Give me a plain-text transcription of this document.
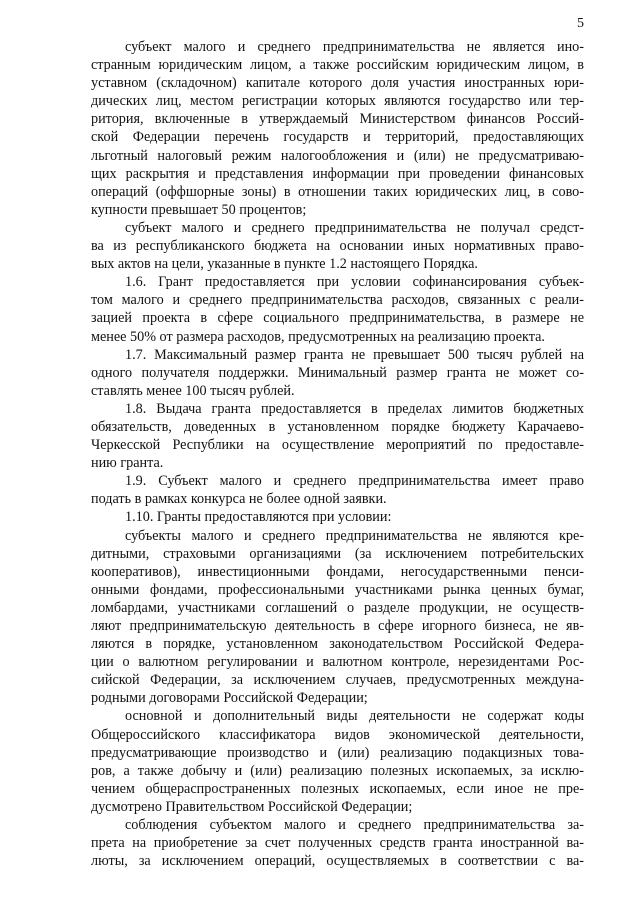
5
субъект малого и среднего предпринимательства не является ино-
странным юридическим лицом, а также российским юридическим лицом, в
уставном (складочном) капитале которого доля участия иностранных юри-
дических лиц, местом регистрации которых являются государство или тер-
ритория, включенные в утверждаемый Министерством финансов Россий-
ской Федерации перечень государств и территорий, предоставляющих
льготный налоговый режим налогообложения и (или) не предусматриваю-
щих раскрытия и представления информации при проведении финансовых
операций (оффшорные зоны) в отношении таких юридических лиц, в сово-
купности превышает 50 процентов;
субъект малого и среднего предпринимательства не получал средст-
ва из республиканского бюджета на основании иных нормативных право-
вых актов на цели, указанные в пункте 1.2 настоящего Порядка.
1.6. Грант предоставляется при условии софинансирования субъек-
том малого и среднего предпринимательства расходов, связанных с реали-
зацией проекта в сфере социального предпринимательства, в размере не
менее 50% от размера расходов, предусмотренных на реализацию проекта.
1.7. Максимальный размер гранта не превышает 500 тысяч рублей на
одного получателя поддержки. Минимальный размер гранта не может со-
ставлять менее 100 тысяч рублей.
1.8. Выдача гранта предоставляется в пределах лимитов бюджетных
обязательств, доведенных в установленном порядке бюджету Карачаево-
Черкесской Республики на осуществление мероприятий по предоставле-
нию гранта.
1.9. Субъект малого и среднего предпринимательства имеет право
подать в рамках конкурса не более одной заявки.
1.10. Гранты предоставляются при условии:
субъекты малого и среднего предпринимательства не являются кре-
дитными, страховыми организациями (за исключением потребительских
кооперативов), инвестиционными фондами, негосударственными пенси-
онными фондами, профессиональными участниками рынка ценных бумаг,
ломбардами, участниками соглашений о разделе продукции, не осуществ-
ляют предпринимательскую деятельность в сфере игорного бизнеса, не яв-
ляются в порядке, установленном законодательством Российской Федера-
ции о валютном регулировании и валютном контроле, нерезидентами Рос-
сийской Федерации, за исключением случаев, предусмотренных междуна-
родными договорами Российской Федерации;
основной и дополнительный виды деятельности не содержат коды
Общероссийского классификатора видов экономической деятельности,
предусматривающие производство и (или) реализацию подакцизных това-
ров, а также добычу и (или) реализацию полезных ископаемых, за исклю-
чением общераспространенных полезных ископаемых, если иное не пре-
дусмотрено Правительством Российской Федерации;
соблюдения субъектом малого и среднего предпринимательства за-
прета на приобретение за счет полученных средств гранта иностранной ва-
люты, за исключением операций, осуществляемых в соответствии с ва-
